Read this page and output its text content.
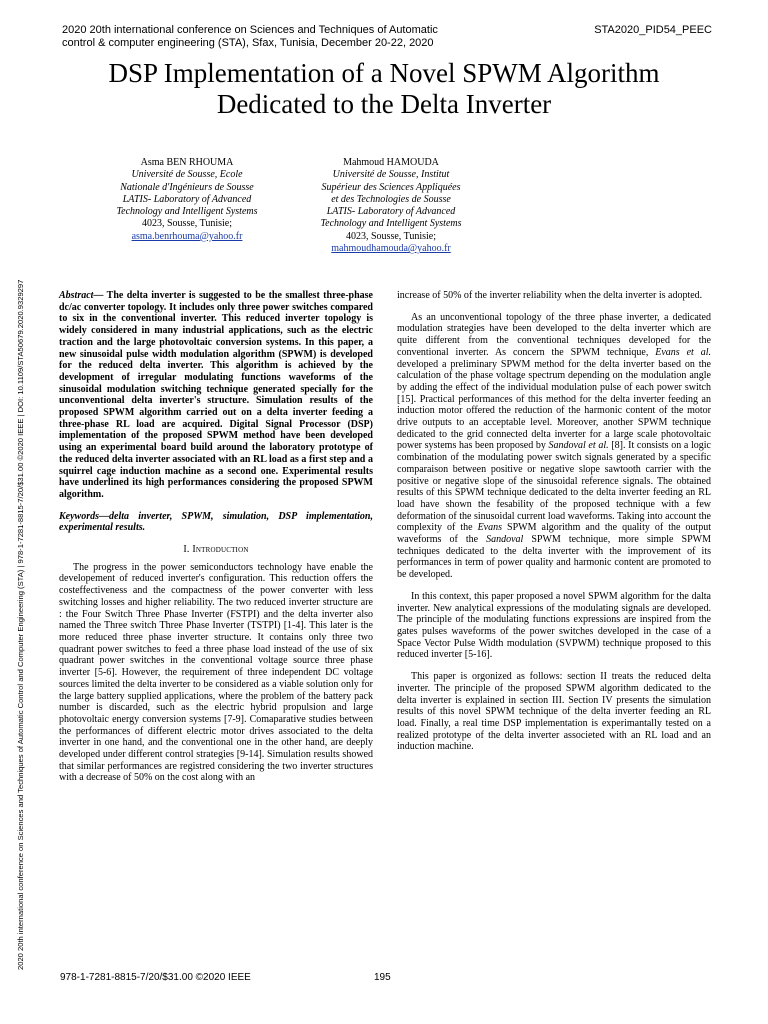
2020 20th international conference on Sciences and Techniques of Automatic
control & computer engineering (STA), Sfax, Tunisia, December 20-22, 2020
STA2020_PID54_PEEC
DSP Implementation of a Novel SPWM Algorithm
Dedicated to the Delta Inverter
Asma BEN RHOUMA
Université de Sousse, Ecole
Nationale d'Ingénieurs de Sousse
LATIS- Laboratory of Advanced
Technology and Intelligent Systems
4023, Sousse, Tunisie;
asma.benrhouma@yahoo.fr
Mahmoud HAMOUDA
Université de Sousse, Institut
Supérieur des Sciences Appliquées
et des Technologies de Sousse
LATIS- Laboratory of Advanced
Technology and Intelligent Systems
4023, Sousse, Tunisie;
mahmoudhamouda@yahoo.fr
2020 20th international conference on Sciences and Techniques of Automatic Control and Computer Engineering (STA) | 978-1-7281-8815-7/20/$31.00 ©2020 IEEE | DOI: 10.1109/STA50679.2020.9329297	Abstract— The delta inverter is suggested to be the smallest three-phase dc/ac converter topology. It includes only three power switches compared to six in the conventional inverter. This reduced inverter topology is widely considered in many industrial applications, such as the electric traction and the large photovoltaic conversion systems. In this paper, a new sinusoidal pulse width modulation algorithm (SPWM) is developed for the reduced delta inverter. This algorithm is achieved by the development of irregular modulating functions waveforms of the sinusoidal modulation switching technique generated specially for the unconventional delta inverter's structure. Simulation results of the proposed SPWM algorithm carried out on a delta inverter feeding a three-phase RL load are acquired. Digital Signal Processor (DSP) implementation of the proposed SPWM method have been developed using an experimental board build around the laboratory prototype of the reduced delta inverter associated with an RL load as a first step and a squirrel cage induction machine as a second one. Experimental results have underlined its high performances considering the proposed SPWM algorithm.

Keywords—delta inverter, SPWM, simulation, DSP implementation, experimental results.

I. Introduction

The progress in the power semiconductors technology have enable the developement of reduced inverter's configuration. This reduction offers the costeffectiveness and the compactness of the power converter with less switching losses and higher reliability. The two reduced inverter structure are : the Four Switch Three Phase Inverter (FSTPI) and the delta inverter also named the Three switch Three Phase Inverter (TSTPI) [1-4]. This later is the more reduced three phase inverter structure. It contains only three two quadrant power switches to feed a three phase load instead of the use of six quadrant power switches in the conventional voltage source three phase inverter [5-6]. However, the requirement of three independent DC voltage sources limited the delta inverter to be considered as a viable solution only for the large battery supplied applications, where the problem of the battery pack number is discarded, such as the electric hybrid propulsion and large photovoltaic energy conversion systems [7-9]. Comaparative studies between the performances of different electric motor drives associated to the delta inverter in one hand, and the conventional one in the other hand, are deeply developed under different control strategies [9-14]. Simulation results showed that similar performances are registred considering the two inverter structures with a decrease of 50% on the cost along with an

increase of 50% of the inverter reliability when the delta inverter is adopted.

As an unconventional topology of the three phase inverter, a dedicated modulation strategies have been developed to the delta inverter which are quite different from the conventional techniques developed for the conventional inverter. As concern the SPWM technique, Evans et al. developed a preliminary SPWM method for the delta inverter based on the calculation of the phase voltage spectrum depending on the modulation angle by adding the effect of the individual modulation pulse of each power switch [15]. Practical performances of this method for the delta inverter feeding an induction motor offered the reduction of the harmonic content of the motor drive outputs to an acceptable level. Moreover, another SPWM technique dedicated to the grid connected delta inverter for a large scale photovoltaic power systems has been proposed by Sandoval et al. [8]. It consists on a logic combination of the modulating power switch signals generated by a specific comparaison between positive or negative slope sawtooth carrier with the positive or negative slope of the sinusoidal reference signals. The obtained results of this SPWM technique dedicated to the delta inverter feeding an RL load have shown the fesability of the proposed technique with a few deformation of the sinusoidal current load waveforms. Taking into account the complexity of the Evans SPWM algorithm and the quality of the output waveforms of the Sandoval SPWM technique, more simple SPWM techniques dedicated to the delta inverter with the improvement of its performances in term of power quality and harmonic content are promoted to be developed.

In this context, this paper proposed a novel SPWM algorithm for the dalta inverter. New analytical expressions of the modulating signals are developed. The principle of the modulating functions expressions are inspired from the gates pulses waveforms of the power switches developed in the case of a Space Vector Pulse Width modulation (SVPWM) technique proposed to this reduced inverter [5-16].

This paper is orgonized as follows: section II treats the reduced delta inverter. The principle of the proposed SPWM algorithm dedicated to the delta inverter is explained in section III. Section IV presents the simulation results of this novel SPWM technique of the delta inverter feeding an RL load. Finally, a real time DSP implementation is experimantally tested on a realized prototype of the delta inverter associeted with an RL load and an induction machine.

978-1-7281-8815-7/20/$31.00 ©2020 IEEE	195
